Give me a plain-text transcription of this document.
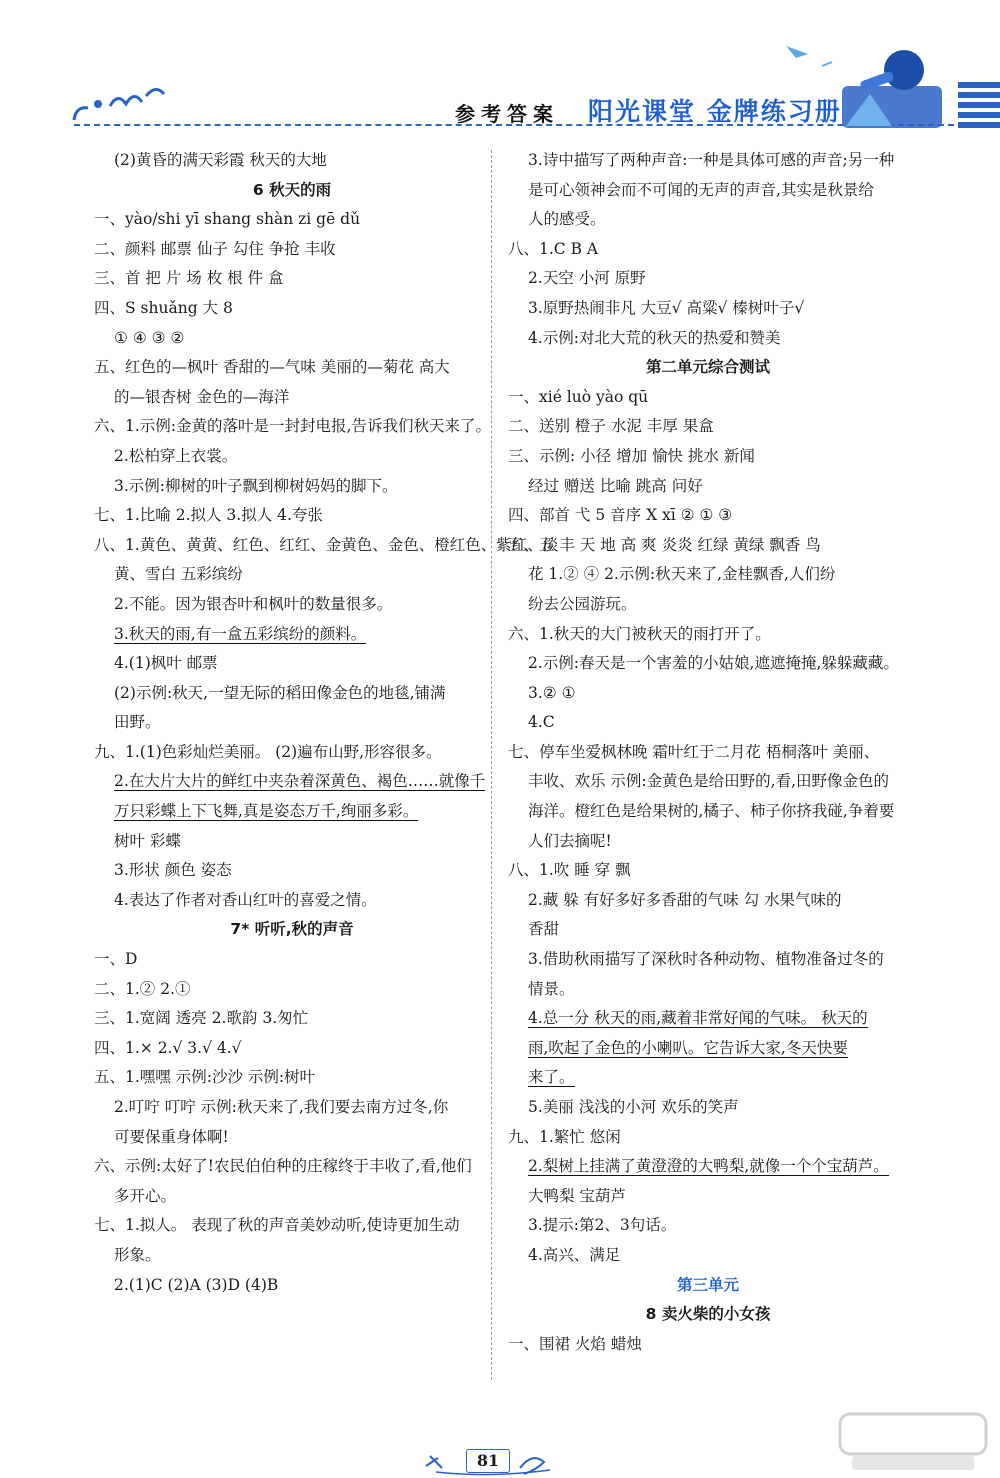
参考答案 阳光课堂 金牌练习册
(2)黄昏的满天彩霞 秋天的大地
6 秋天的雨
一、yào/shi yī shang shàn zi gē dǔ
二、颜料 邮票 仙子 勾住 争抢 丰收
三、首 把 片 场 枚 根 件 盒
四、S shuǎng 大 8
① ④ ③ ②
五、红色的—枫叶 香甜的—气味 美丽的—菊花 高大
的—银杏树 金色的—海洋
六、1.示例:金黄的落叶是一封封电报,告诉我们秋天来了。
2.松柏穿上衣裳。
3.示例:柳树的叶子飘到柳树妈妈的脚下。
七、1.比喻 2.拟人 3.拟人 4.夸张
八、1.黄色、黄黄、红色、红红、金黄色、金色、橙红色、紫红、淡
黄、雪白 五彩缤纷
2.不能。因为银杏叶和枫叶的数量很多。
3.秋天的雨,有一盒五彩缤纷的颜料。
4.(1)枫叶 邮票
(2)示例:秋天,一望无际的稻田像金色的地毯,铺满
田野。
九、1.(1)色彩灿烂美丽。 (2)遍布山野,形容很多。
2.在大片大片的鲜红中夹杂着深黄色、褐色……就像千
万只彩蝶上下飞舞,真是姿态万千,绚丽多彩。
树叶 彩蝶
3.形状 颜色 姿态
4.表达了作者对香山红叶的喜爱之情。
7* 听听,秋的声音
一、D
二、1.② 2.①
三、1.宽阔 透亮 2.歌韵 3.匆忙
四、1.× 2.√ 3.√ 4.√
五、1.嘿嘿 示例:沙沙 示例:树叶
2.叮咛 叮咛 示例:秋天来了,我们要去南方过冬,你
可要保重身体啊!
六、示例:太好了!农民伯伯种的庄稼终于丰收了,看,他们
多开心。
七、1.拟人。 表现了秋的声音美妙动听,使诗更加生动
形象。
2.(1)C (2)A (3)D (4)B
3.诗中描写了两种声音:一种是具体可感的声音;另一种
是可心领神会而不可闻的无声的声音,其实是秋景给
人的感受。
八、1.C B A
2.天空 小河 原野
3.原野热闹非凡 大豆√ 高粱√ 榛树叶子√
4.示例:对北大荒的秋天的热爱和赞美
第二单元综合测试
一、xié luò yào qū
二、送别 橙子 水泥 丰厚 果盒
三、示例: 小径 增加 愉快 挑水 新闻
经过 赠送 比喻 跳高 问好
四、部首 弋 5 音序 X xī ② ① ③
五、五 丰 天 地 高 爽 炎炎 红绿 黄绿 飘香 鸟
花 1.② ④ 2.示例:秋天来了,金桂飘香,人们纷
纷去公园游玩。
六、1.秋天的大门被秋天的雨打开了。
2.示例:春天是一个害羞的小姑娘,遮遮掩掩,躲躲藏藏。
3.② ①
4.C
七、停车坐爱枫林晚 霜叶红于二月花 梧桐落叶 美丽、
丰收、欢乐 示例:金黄色是给田野的,看,田野像金色的
海洋。橙红色是给果树的,橘子、柿子你挤我碰,争着要
人们去摘呢!
八、1.吹 睡 穿 飘
2.藏 躲 有好多好多香甜的气味 勾 水果气味的
香甜
3.借助秋雨描写了深秋时各种动物、植物准备过冬的
情景。
4.总一分 秋天的雨,藏着非常好闻的气味。 秋天的
雨,吹起了金色的小喇叭。它告诉大家,冬天快要
来了。
5.美丽 浅浅的小河 欢乐的笑声
九、1.繁忙 悠闲
2.梨树上挂满了黄澄澄的大鸭梨,就像一个个宝葫芦。
大鸭梨 宝葫芦
3.提示:第2、3句话。
4.高兴、满足
第三单元
8 卖火柴的小女孩
一、围裙 火焰 蜡烛
81
